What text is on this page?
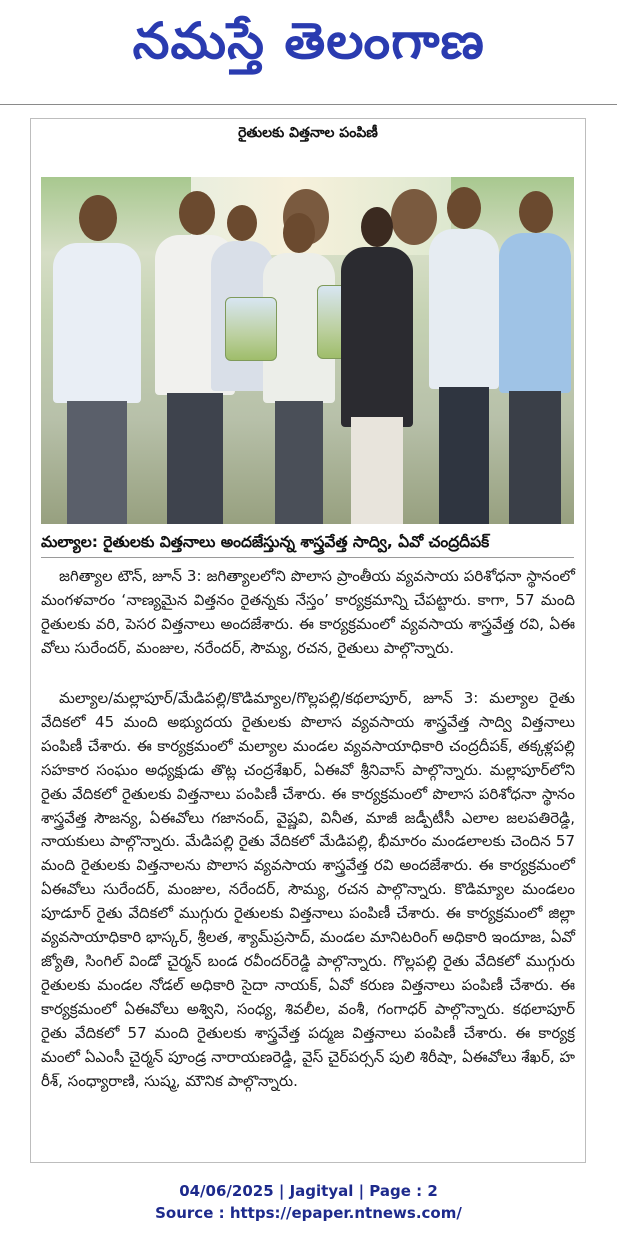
నమస్తే తెలంగాణ
రైతులకు విత్తనాల పంపిణీ
మల్యాల: రైతులకు విత్తనాలు అందజేస్తున్న శాస్త్రవేత్త సాద్వి, ఏవో చంద్రదీపక్

జగిత్యాల టౌన్, జూన్ 3: జగిత్యాలలోని పొలాస ప్రాంతీయ వ్యవసాయ పరిశోధనా స్థానంలో మంగళవారం ‘నాణ్యమైన విత్తనం రైతన్నకు నేస్తం’ కార్యక్రమాన్ని చేపట్టారు. కాగా, 57 మంది రైతులకు వరి, పెసర విత్తనాలు అందజేశారు. ఈ కార్యక్రమంలో వ్యవసాయ శాస్త్రవేత్త రవి, ఏఈవోలు సురేందర్, మంజుల, నరేందర్, సౌమ్య, రచన, రైతులు పాల్గొన్నారు.

మల్యాల/మల్లాపూర్/మేడిపల్లి/కొడిమ్యాల/గొల్లపల్లి/కథలాపూర్, జూన్ 3: మల్యాల రైతు వేదికలో 45 మంది అభ్యుదయ రైతులకు పొలాస వ్యవసాయ శాస్త్రవేత్త సాద్వి విత్తనాలు పంపిణీ చేశారు. ఈ కార్యక్రమంలో మల్యాల మండల వ్యవసాయాధికారి చంద్రదీపక్, తక్కళ్లపల్లి సహకార సంఘం అధ్యక్షుడు తొట్ల చంద్రశేఖర్, ఏఈవో శ్రీనివాస్ పాల్గొన్నారు. మల్లాపూర్‌లోని రైతు వేదికలో రైతులకు విత్తనాలు పంపిణీ చేశారు. ఈ కార్యక్రమంలో పొలాస పరిశోధనా స్థానం శాస్త్రవేత్త సౌజన్య, ఏఈవోలు గజానంద్, వైష్ణవి, వినీత, మాజీ జడ్పీటీసీ ఎలాల జలపతిరెడ్డి, నాయకులు పాల్గొన్నారు. మేడిపల్లి రైతు వేదికలో మేడిపల్లి, భీమారం మండలాలకు చెందిన 57 మంది రైతులకు విత్తనాలను పొలాస వ్యవసాయ శాస్త్రవేత్త రవి అందజేశారు. ఈ కార్యక్రమంలో ఏఈవోలు సురేందర్, మంజుల, నరేందర్, సౌమ్య, రచన పాల్గొన్నారు. కొడిమ్యాల మండలం పూడూర్ రైతు వేదికలో ముగ్గురు రైతులకు విత్తనాలు పంపిణీ చేశారు. ఈ కార్యక్రమంలో జిల్లా వ్యవసాయాధికారి భాస్కర్, శ్రీలత, శ్యామ్‌ప్రసాద్, మండల మానిటరింగ్ అధికారి ఇందూజ, ఏవో జ్యోతి, సింగిల్ విండో చైర్మన్ బండ రవీందర్‌రెడ్డి పాల్గొన్నారు. గొల్లపల్లి రైతు వేదికలో ముగ్గురు రైతులకు మండల నోడల్ అధికారి సైదా నాయక్, ఏవో కరుణ విత్తనాలు పంపిణీ చేశారు. ఈ కార్యక్రమంలో ఏఈవోలు అశ్విని, సంధ్య, శివలీల, వంశీ, గంగాధర్ పాల్గొన్నారు. కథలాపూర్ రైతు వేదికలో 57 మంది రైతులకు శాస్త్రవేత్త పద్మజ విత్తనాలు పంపిణీ చేశారు. ఈ కార్యక్రమంలో ఏఎంసీ చైర్మన్ పూండ్ర నారాయణరెడ్డి, వైస్ చైర్‌పర్సన్ పులి శిరీషా, ఏఈవోలు శేఖర్, హరీశ్, సంధ్యారాణి, సుష్మ, మౌనిక పాల్గొన్నారు.

04/06/2025 | Jagityal | Page : 2
Source : https://epaper.ntnews.com/
